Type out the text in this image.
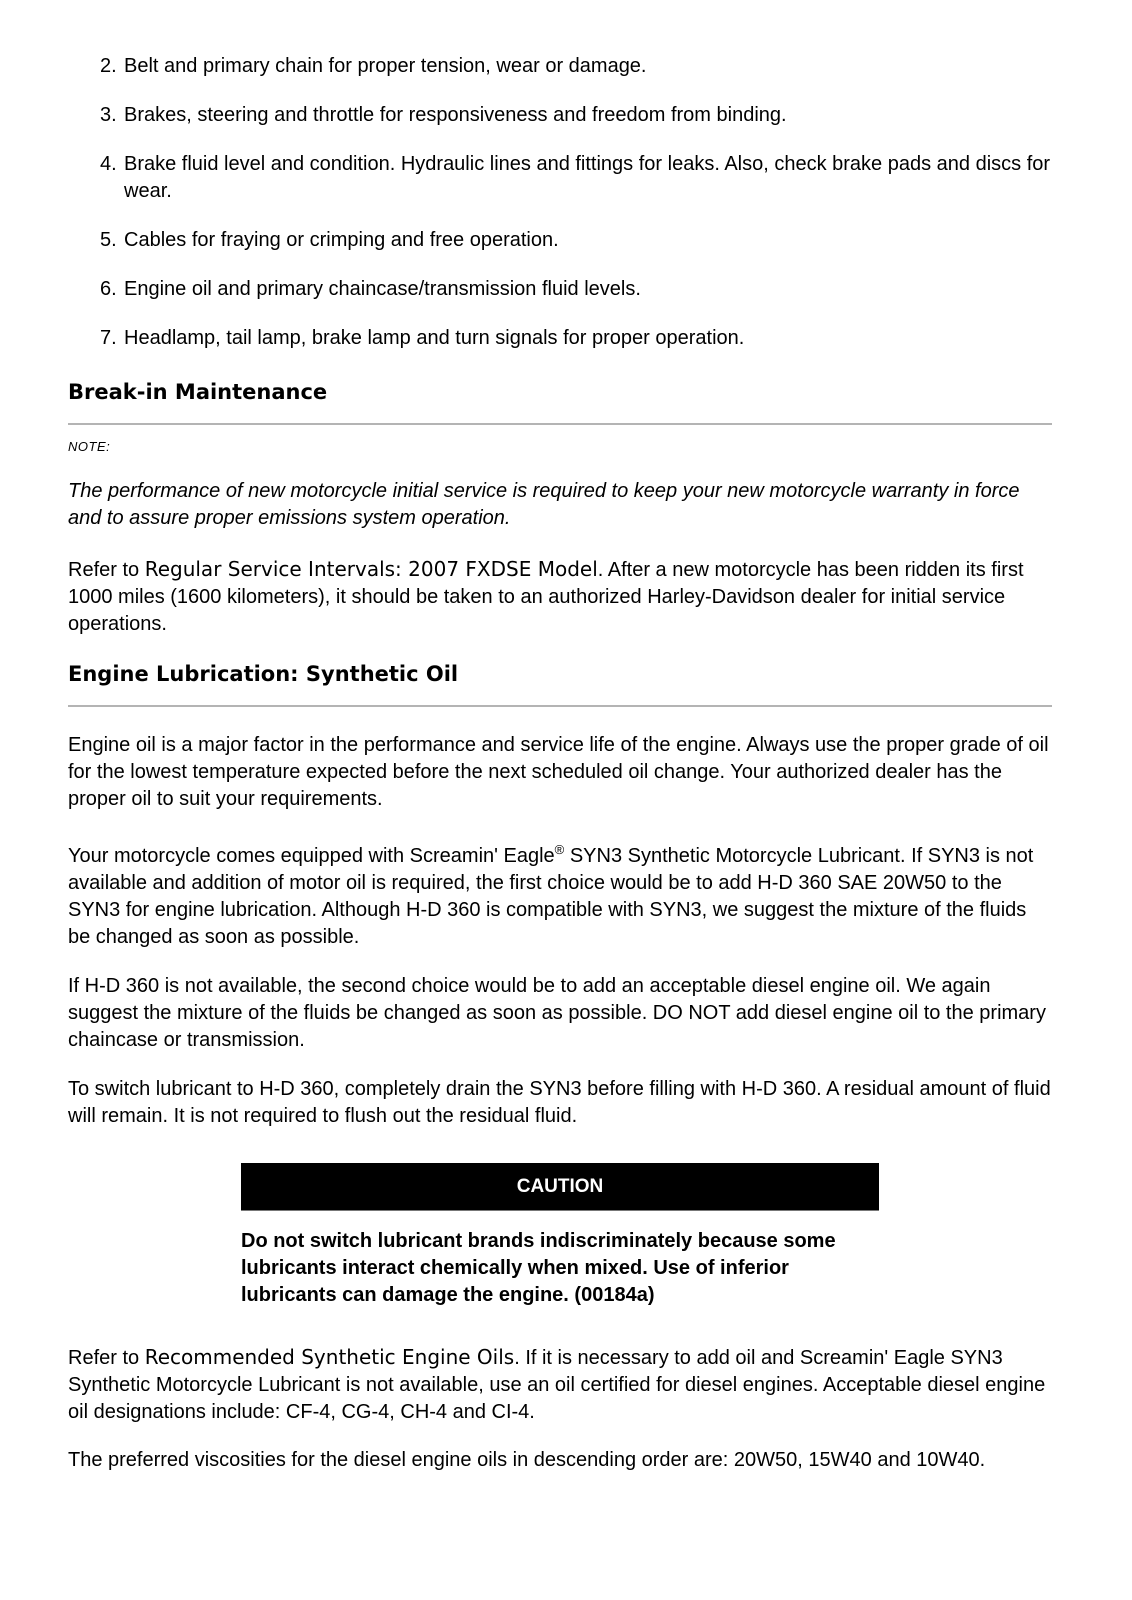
2. Belt and primary chain for proper tension, wear or damage.
3. Brakes, steering and throttle for responsiveness and freedom from binding.
4. Brake fluid level and condition. Hydraulic lines and fittings for leaks. Also, check brake pads and discs for wear.
5. Cables for fraying or crimping and free operation.
6. Engine oil and primary chaincase/transmission fluid levels.
7. Headlamp, tail lamp, brake lamp and turn signals for proper operation.
Break-in Maintenance
NOTE:

The performance of new motorcycle initial service is required to keep your new motorcycle warranty in force and to assure proper emissions system operation.

Refer to Regular Service Intervals: 2007 FXDSE Model. After a new motorcycle has been ridden its first 1000 miles (1600 kilometers), it should be taken to an authorized Harley-Davidson dealer for initial service operations.

Engine Lubrication: Synthetic Oil

Engine oil is a major factor in the performance and service life of the engine. Always use the proper grade of oil for the lowest temperature expected before the next scheduled oil change. Your authorized dealer has the proper oil to suit your requirements.

Your motorcycle comes equipped with Screamin' Eagle® SYN3 Synthetic Motorcycle Lubricant. If SYN3 is not available and addition of motor oil is required, the first choice would be to add H-D 360 SAE 20W50 to the SYN3 for engine lubrication. Although H-D 360 is compatible with SYN3, we suggest the mixture of the fluids be changed as soon as possible.

If H-D 360 is not available, the second choice would be to add an acceptable diesel engine oil. We again suggest the mixture of the fluids be changed as soon as possible. DO NOT add diesel engine oil to the primary chaincase or transmission.

To switch lubricant to H-D 360, completely drain the SYN3 before filling with H-D 360. A residual amount of fluid will remain. It is not required to flush out the residual fluid.

CAUTION

Do not switch lubricant brands indiscriminately because some lubricants interact chemically when mixed. Use of inferior lubricants can damage the engine. (00184a)

Refer to Recommended Synthetic Engine Oils. If it is necessary to add oil and Screamin' Eagle SYN3 Synthetic Motorcycle Lubricant is not available, use an oil certified for diesel engines. Acceptable diesel engine oil designations include: CF-4, CG-4, CH-4 and CI-4.

The preferred viscosities for the diesel engine oils in descending order are: 20W50, 15W40 and 10W40.
